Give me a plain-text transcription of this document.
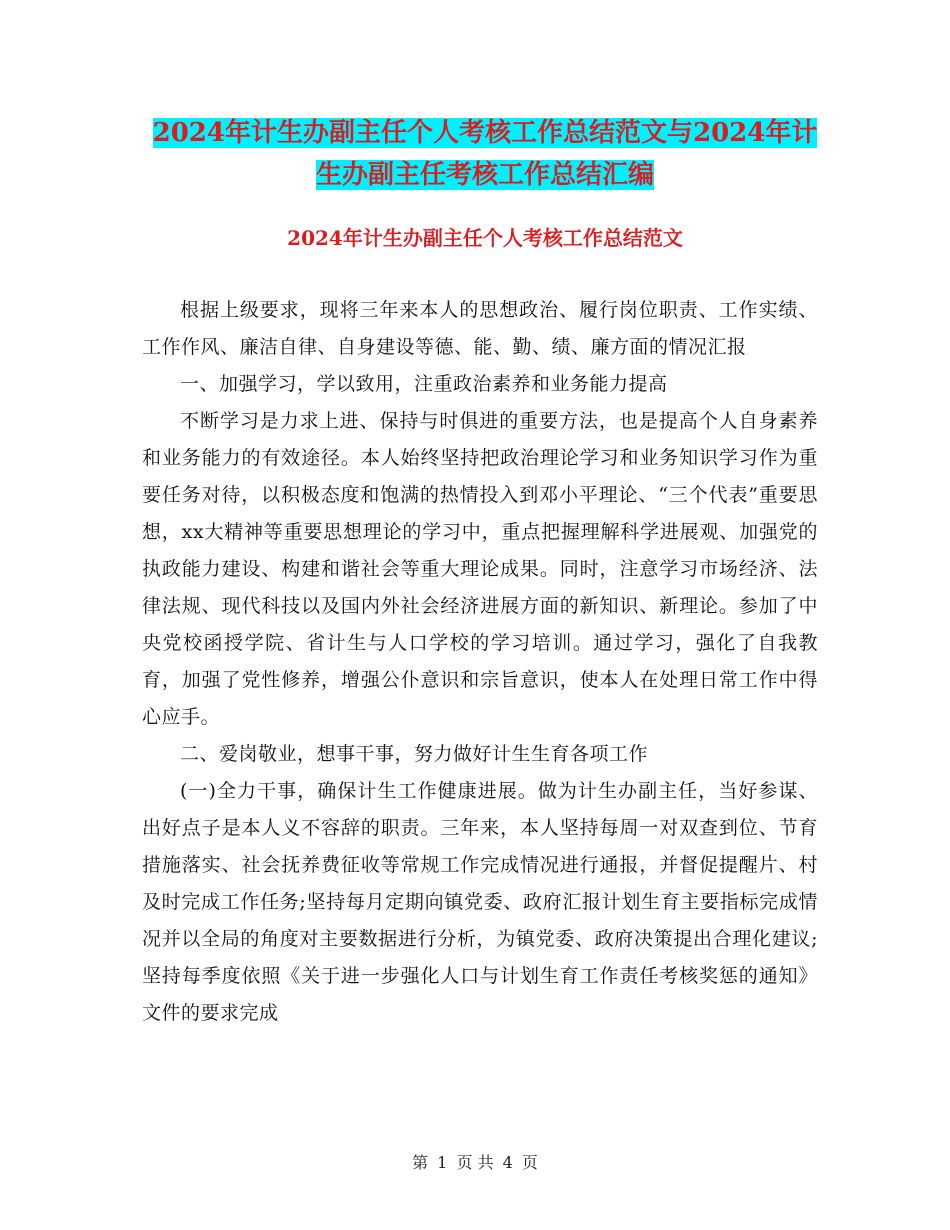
2024年计生办副主任个人考核工作总结范文与2024年计生办副主任考核工作总结汇编
2024年计生办副主任个人考核工作总结范文

根据上级要求，现将三年来本人的思想政治、履行岗位职责、工作实绩、工作作风、廉洁自律、自身建设等德、能、勤、绩、廉方面的情况汇报

一、加强学习，学以致用，注重政治素养和业务能力提高

不断学习是力求上进、保持与时俱进的重要方法，也是提高个人自身素养和业务能力的有效途径。本人始终坚持把政治理论学习和业务知识学习作为重要任务对待，以积极态度和饱满的热情投入到邓小平理论、“三个代表”重要思想，xx大精神等重要思想理论的学习中，重点把握理解科学进展观、加强党的执政能力建设、构建和谐社会等重大理论成果。同时，注意学习市场经济、法律法规、现代科技以及国内外社会经济进展方面的新知识、新理论。参加了中央党校函授学院、省计生与人口学校的学习培训。通过学习，强化了自我教育，加强了党性修养，增强公仆意识和宗旨意识，使本人在处理日常工作中得心应手。

二、爱岗敬业，想事干事，努力做好计生生育各项工作

(一)全力干事，确保计生工作健康进展。做为计生办副主任，当好参谋、出好点子是本人义不容辞的职责。三年来，本人坚持每周一对双查到位、节育措施落实、社会抚养费征收等常规工作完成情况进行通报，并督促提醒片、村及时完成工作任务;坚持每月定期向镇党委、政府汇报计划生育主要指标完成情况并以全局的角度对主要数据进行分析，为镇党委、政府决策提出合理化建议;坚持每季度依照《关于进一步强化人口与计划生育工作责任考核奖惩的通知》文件的要求完成

第 1 页 共 4 页
